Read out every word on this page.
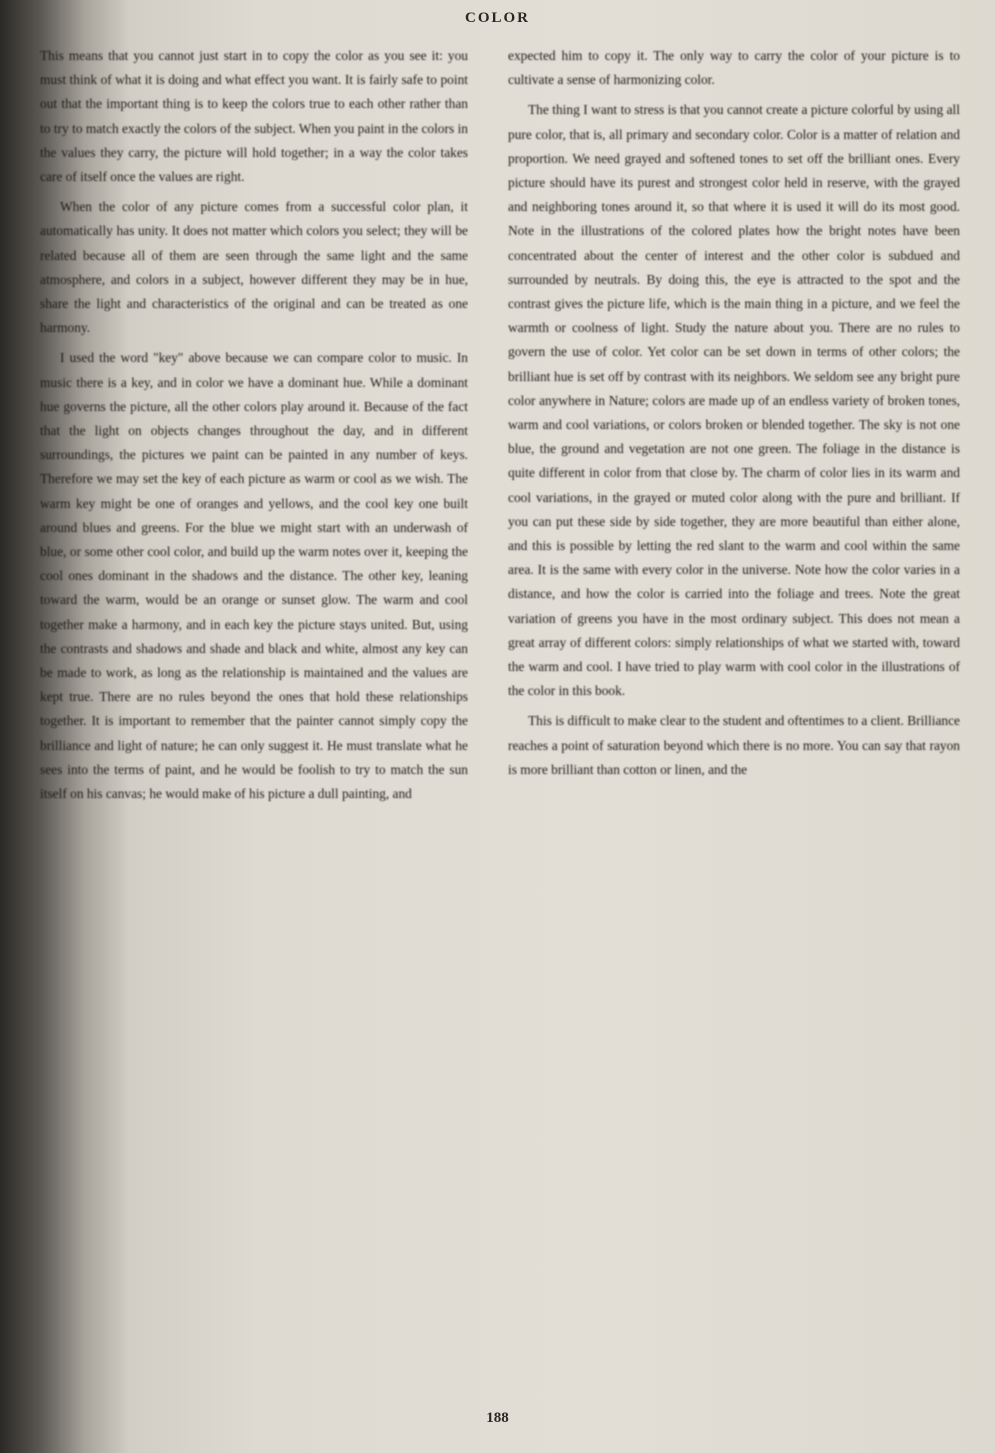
COLOR

This means that you cannot just start in to copy the color as you see it: you must think of what it is doing and what effect you want. It is fairly safe to point out that the important thing is to keep the colors true to each other rather than to try to match exactly the colors of the subject. When you paint in the colors in the values they carry, the picture will hold together; in a way the color takes care of itself once the values are right.

When the color of any picture comes from a successful color plan, it automatically has unity. It does not matter which colors you select; they will be related because all of them are seen through the same light and the same atmosphere, and colors in a subject, however different they may be in hue, share the light and characteristics of the original and can be treated as one harmony.

I used the word "key" above because we can compare color to music. In music there is a key, and in color we have a dominant hue. While a dominant hue governs the picture, all the other colors play around it. Because of the fact that the light on objects changes throughout the day, and in different surroundings, the pictures we paint can be painted in any number of keys. Therefore we may set the key of each picture as warm or cool as we wish. The warm key might be one of oranges and yellows, and the cool key one built around blues and greens. For the blue we might start with an underwash of blue, or some other cool color, and build up the warm notes over it, keeping the cool ones dominant in the shadows and the distance. The other key, leaning toward the warm, would be an orange or sunset glow. The warm and cool together make a harmony, and in each key the picture stays united. But, using the contrasts and shadows and shade and black and white, almost any key can be made to work, as long as the relationship is maintained and the values are kept true. There are no rules beyond the ones that hold these relationships together. It is important to remember that the painter cannot simply copy the brilliance and light of nature; he can only suggest it. He must translate what he sees into the terms of paint, and he would be foolish to try to match the sun itself on his canvas; he would make of his picture a dull painting, and

expected him to copy it. The only way to carry the color of your picture is to cultivate a sense of harmonizing color.

The thing I want to stress is that you cannot create a picture colorful by using all pure color, that is, all primary and secondary color. Color is a matter of relation and proportion. We need grayed and softened tones to set off the brilliant ones. Every picture should have its purest and strongest color held in reserve, with the grayed and neighboring tones around it, so that where it is used it will do its most good. Note in the illustrations of the colored plates how the bright notes have been concentrated about the center of interest and the other color is subdued and surrounded by neutrals. By doing this, the eye is attracted to the spot and the contrast gives the picture life, which is the main thing in a picture, and we feel the warmth or coolness of light. Study the nature about you. There are no rules to govern the use of color. Yet color can be set down in terms of other colors; the brilliant hue is set off by contrast with its neighbors. We seldom see any bright pure color anywhere in Nature; colors are made up of an endless variety of broken tones, warm and cool variations, or colors broken or blended together. The sky is not one blue, the ground and vegetation are not one green. The foliage in the distance is quite different in color from that close by. The charm of color lies in its warm and cool variations, in the grayed or muted color along with the pure and brilliant. If you can put these side by side together, they are more beautiful than either alone, and this is possible by letting the red slant to the warm and cool within the same area. It is the same with every color in the universe. Note how the color varies in a distance, and how the color is carried into the foliage and trees. Note the great variation of greens you have in the most ordinary subject. This does not mean a great array of different colors: simply relationships of what we started with, toward the warm and cool. I have tried to play warm with cool color in the illustrations of the color in this book.

This is difficult to make clear to the student and oftentimes to a client. Brilliance reaches a point of saturation beyond which there is no more. You can say that rayon is more brilliant than cotton or linen, and the

188
